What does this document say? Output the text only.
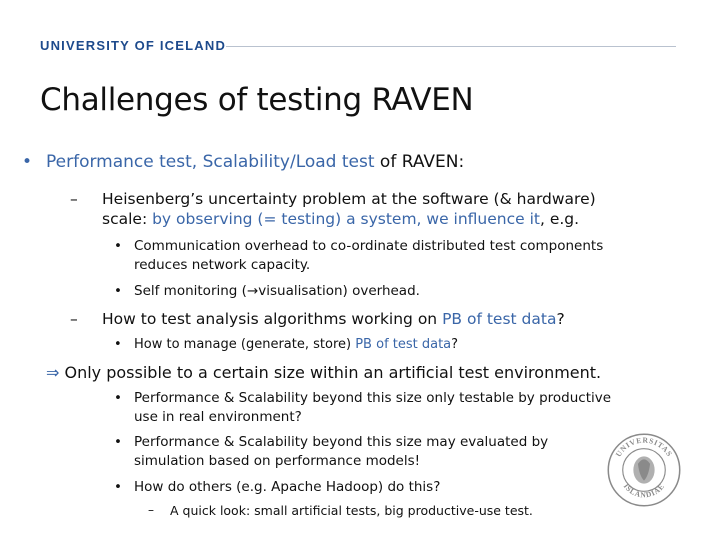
UNIVERSITY OF ICELAND
Challenges of testing RAVEN
• Performance test, Scalability/Load test of RAVEN:
– Heisenberg’s uncertainty problem at the software (& hardware)
scale: by observing (= testing) a system, we influence it, e.g.
• Communication overhead to co-ordinate distributed test components
reduces network capacity.
• Self monitoring (→visualisation) overhead.
– How to test analysis algorithms working on PB of test data?
• How to manage (generate, store) PB of test data?
⇒ Only possible to a certain size within an artificial test environment.
• Performance & Scalability beyond this size only testable by productive
use in real environment?
• Performance & Scalability beyond this size may evaluated by
simulation based on performance models!
• How do others (e.g. Apache Hadoop) do this?
– A quick look: small artificial tests, big productive-use test.
UNIVERSITAS
ISLANDIAE
